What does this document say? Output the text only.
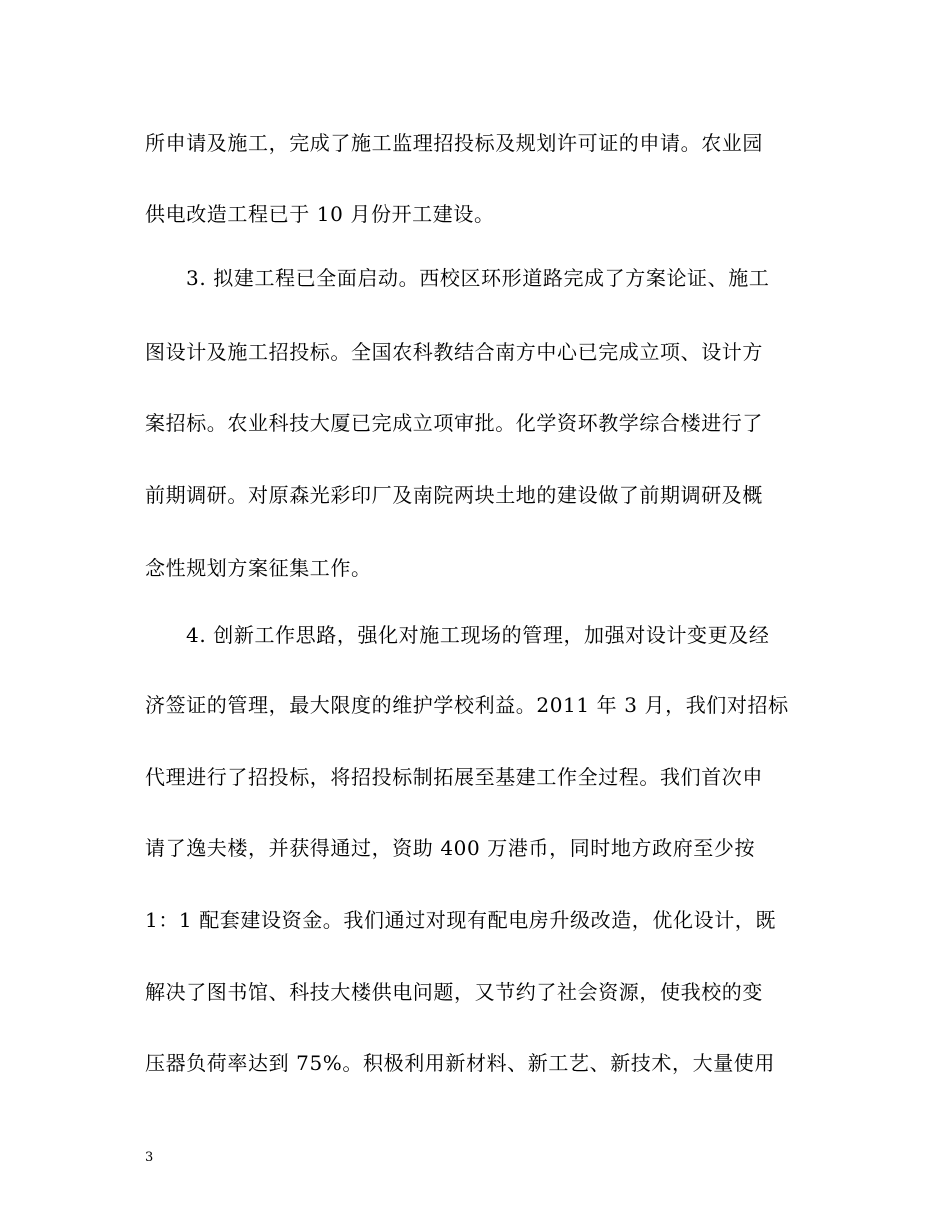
所申请及施工，完成了施工监理招投标及规划许可证的申请。农业园
供电改造工程已于 10 月份开工建设。
3. 拟建工程已全面启动。西校区环形道路完成了方案论证、施工
图设计及施工招投标。全国农科教结合南方中心已完成立项、设计方
案招标。农业科技大厦已完成立项审批。化学资环教学综合楼进行了
前期调研。对原森光彩印厂及南院两块土地的建设做了前期调研及概
念性规划方案征集工作。
4. 创新工作思路，强化对施工现场的管理，加强对设计变更及经
济签证的管理，最大限度的维护学校利益。2011 年 3 月，我们对招标
代理进行了招投标，将招投标制拓展至基建工作全过程。我们首次申
请了逸夫楼，并获得通过，资助 400 万港币，同时地方政府至少按
1：1 配套建设资金。我们通过对现有配电房升级改造，优化设计，既
解决了图书馆、科技大楼供电问题，又节约了社会资源，使我校的变
压器负荷率达到 75%。积极利用新材料、新工艺、新技术，大量使用
3
